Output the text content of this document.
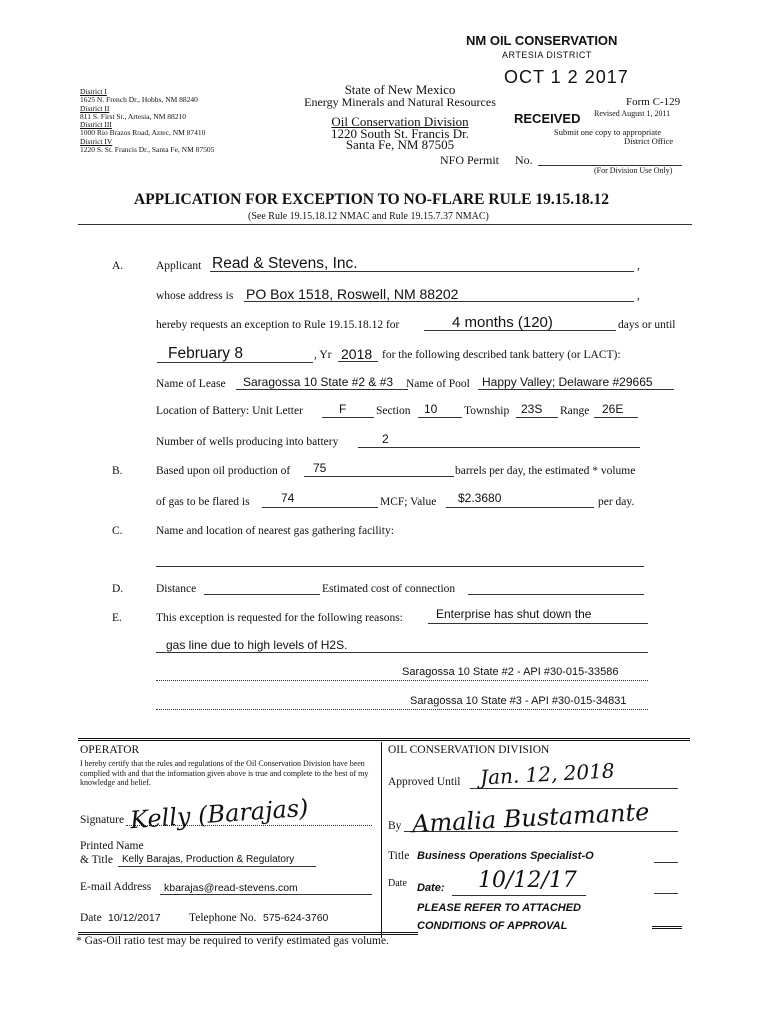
NM OIL CONSERVATION
ARTESIA DISTRICT
OCT 1 2 2017
RECEIVED
District I
1625 N. French Dr., Hobbs, NM 88240
District II
811 S. First St., Artesia, NM 88210
District III
1000 Rio Brazos Road, Aztec, NM 87410
District IV
1220 S. St. Francis Dr., Santa Fe, NM 87505
State of New Mexico
Energy Minerals and Natural Resources
Oil Conservation Division
1220 South St. Francis Dr.
Santa Fe, NM 87505
Form C-129
Revised August 1, 2011
Submit one copy to appropriate
District Office
NFO Permit No.
(For Division Use Only)
APPLICATION FOR EXCEPTION TO NO-FLARE RULE 19.15.18.12
(See Rule 19.15.18.12 NMAC and Rule 19.15.7.37 NMAC)
A.	Applicant Read & Stevens, Inc.	,
whose address is PO Box 1518, Roswell, NM 88202	,
hereby requests an exception to Rule 19.15.18.12 for	4 months (120)	days or until
February 8	, Yr 2018 for the following described tank battery (or LACT):
Name of Lease Saragossa 10 State #2 & #3 Name of Pool Happy Valley; Delaware #29665
Location of Battery: Unit Letter	F	Section 10 Township 23S Range 26E
Number of wells producing into battery	2
B.	Based upon oil production of 75	barrels per day, the estimated * volume
of gas to be flared is	74	MCF; Value $2.3680	per day.
C.	Name and location of nearest gas gathering facility:
D.	Distance	Estimated cost of connection
E.	This exception is requested for the following reasons:	Enterprise has shut down the
gas line due to high levels of H2S.
Saragossa 10 State #2 - API #30-015-33586
Saragossa 10 State #3 - API #30-015-34831
OPERATOR
I hereby certify that the rules and regulations of the Oil Conservation Division have been complied with and that the information given above is true and complete to the best of my knowledge and belief.
Signature Kelly (Barajas)
Printed Name
& Title Kelly Barajas, Production & Regulatory
E-mail Address kbarajas@read-stevens.com
Date 10/12/2017 Telephone No. 575-624-3760
OIL CONSERVATION DIVISION
Approved Until Jan. 12, 2018
By Amalia Bustamante
Title Business Operations Specialist-O
Date Date: 10/12/17
PLEASE REFER TO ATTACHED
CONDITIONS OF APPROVAL
* Gas-Oil ratio test may be required to verify estimated gas volume.
